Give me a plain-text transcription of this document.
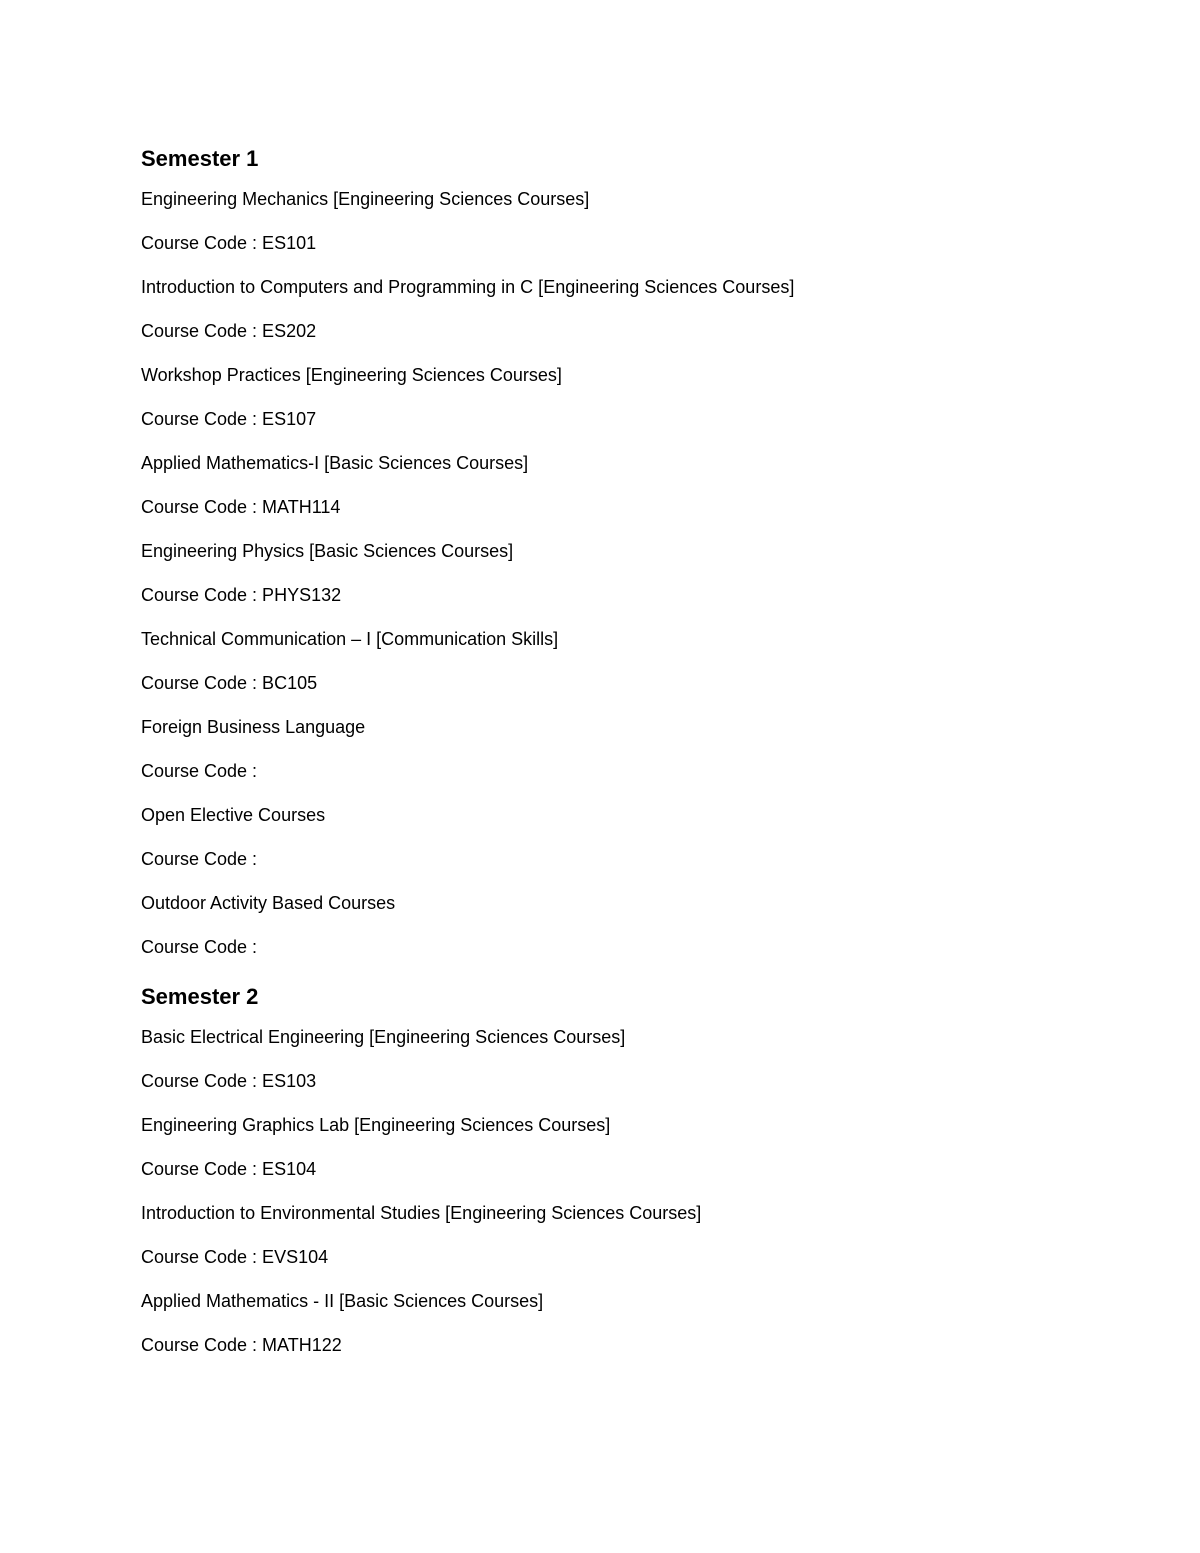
Semester 1
Engineering Mechanics [Engineering Sciences Courses]
Course Code : ES101
Introduction to Computers and Programming in C [Engineering Sciences Courses]
Course Code : ES202
Workshop Practices [Engineering Sciences Courses]
Course Code : ES107
Applied Mathematics-I [Basic Sciences Courses]
Course Code : MATH114
Engineering Physics [Basic Sciences Courses]
Course Code : PHYS132
Technical Communication – I [Communication Skills]
Course Code : BC105
Foreign Business Language
Course Code :
Open Elective Courses
Course Code :
Outdoor Activity Based Courses
Course Code :
Semester 2
Basic Electrical Engineering [Engineering Sciences Courses]
Course Code : ES103
Engineering Graphics Lab [Engineering Sciences Courses]
Course Code : ES104
Introduction to Environmental Studies [Engineering Sciences Courses]
Course Code : EVS104
Applied Mathematics - II [Basic Sciences Courses]
Course Code : MATH122
